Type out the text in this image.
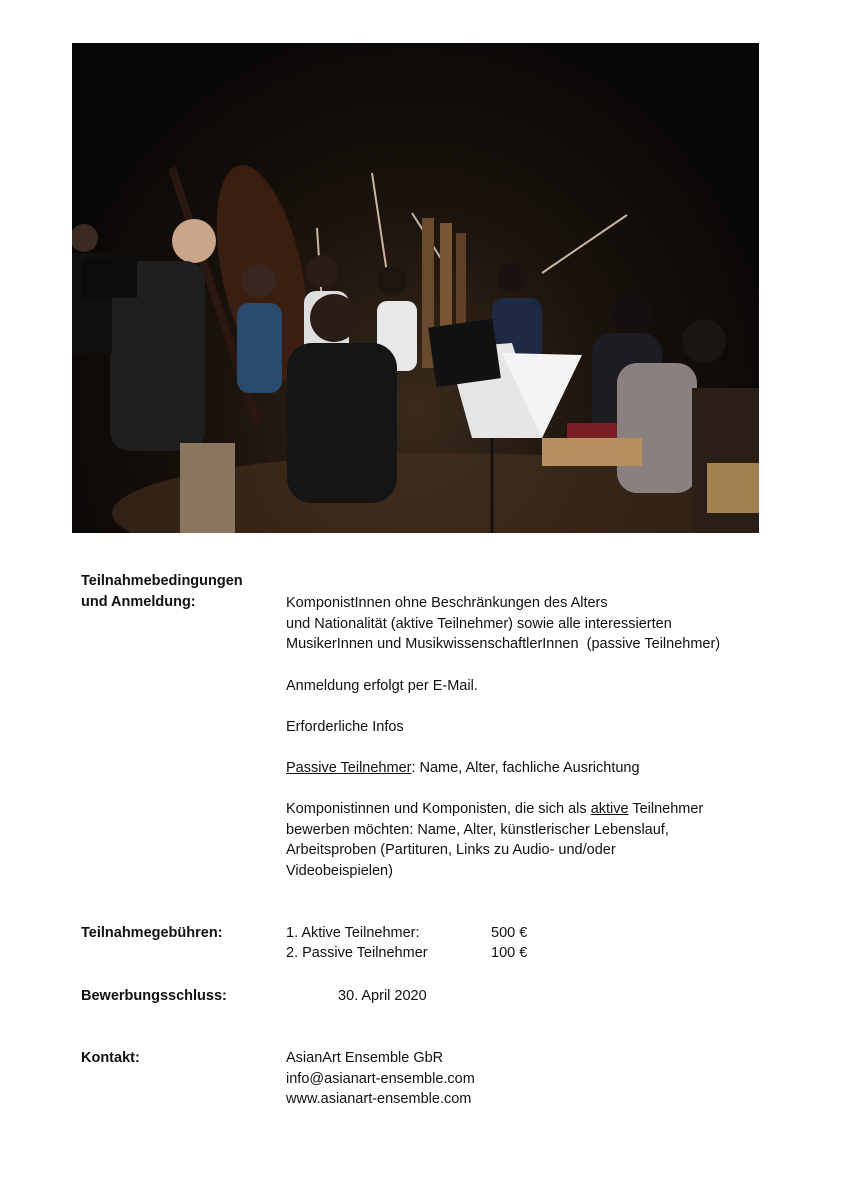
Teilnahmebedingungen
und Anmeldung:	KomponistInnen ohne Beschränkungen des Alters
und Nationalität (aktive Teilnehmer) sowie alle interessierten
MusikerInnen und MusikwissenschaftlerInnen  (passive Teilnehmer)
Anmeldung erfolgt per E-Mail.
Erforderliche Infos
Passive Teilnehmer: Name, Alter, fachliche Ausrichtung
Komponistinnen und Komponisten, die sich als aktive Teilnehmer
bewerben möchten: Name, Alter, künstlerischer Lebenslauf,
Arbeitsproben (Partituren, Links zu Audio- und/oder
Videobeispielen)
Teilnahmegebühren:	1. Aktive Teilnehmer:	500 €
2. Passive Teilnehmer	100 €
Bewerbungsschluss:	30. April 2020
Kontakt:	AsianArt Ensemble GbR
info@asianart-ensemble.com
www.asianart-ensemble.com
